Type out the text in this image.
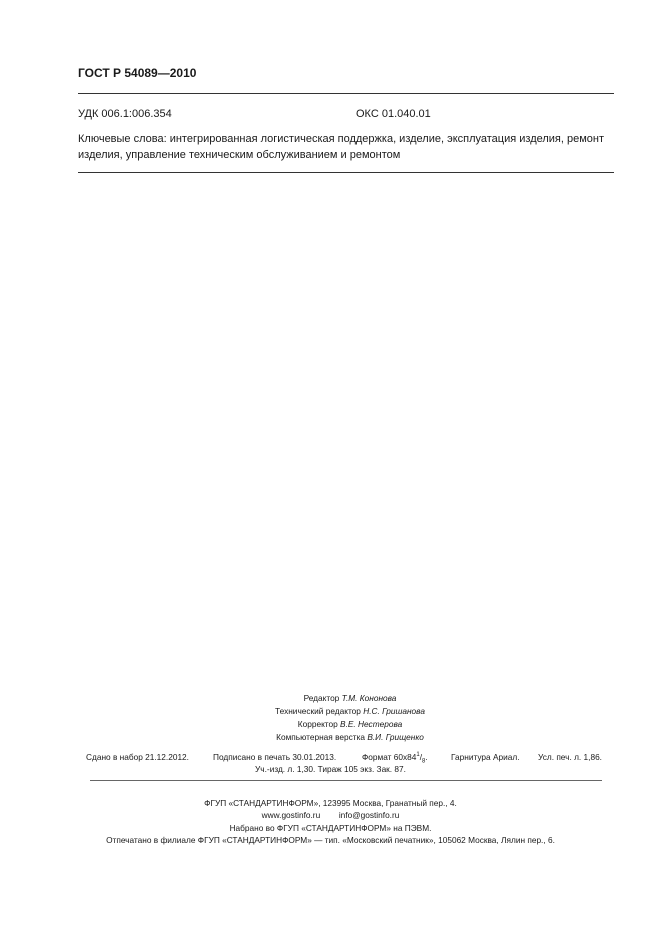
ГОСТ Р 54089—2010
УДК 006.1:006.354	ОКС 01.040.01
Ключевые слова: интегрированная логистическая поддержка, изделие, эксплуатация изделия, ремонт изделия, управление техническим обслуживанием и ремонтом
Редактор Т.М. Кононова
Технический редактор Н.С. Гришанова
Корректор В.Е. Нестерова
Компьютерная верстка В.И. Грищенко
Сдано в набор 21.12.2012.	Подписано в печать 30.01.2013.	Формат $60x84^1/_8$.	Гарнитура Ариал. Усл. печ. л. 1,86.
Уч.-изд. л. 1,30. Тираж 105 экз. Зак. 87.
ФГУП «СТАНДАРТИНФОРМ», 123995 Москва, Гранатный пер., 4.
www.gostinfo.ru info@gostinfo.ru
Набрано во ФГУП «СТАНДАРТИНФОРМ» на ПЭВМ.
Отпечатано в филиале ФГУП «СТАНДАРТИНФОРМ» — тип. «Московский печатник», 105062 Москва, Лялин пер., 6.
